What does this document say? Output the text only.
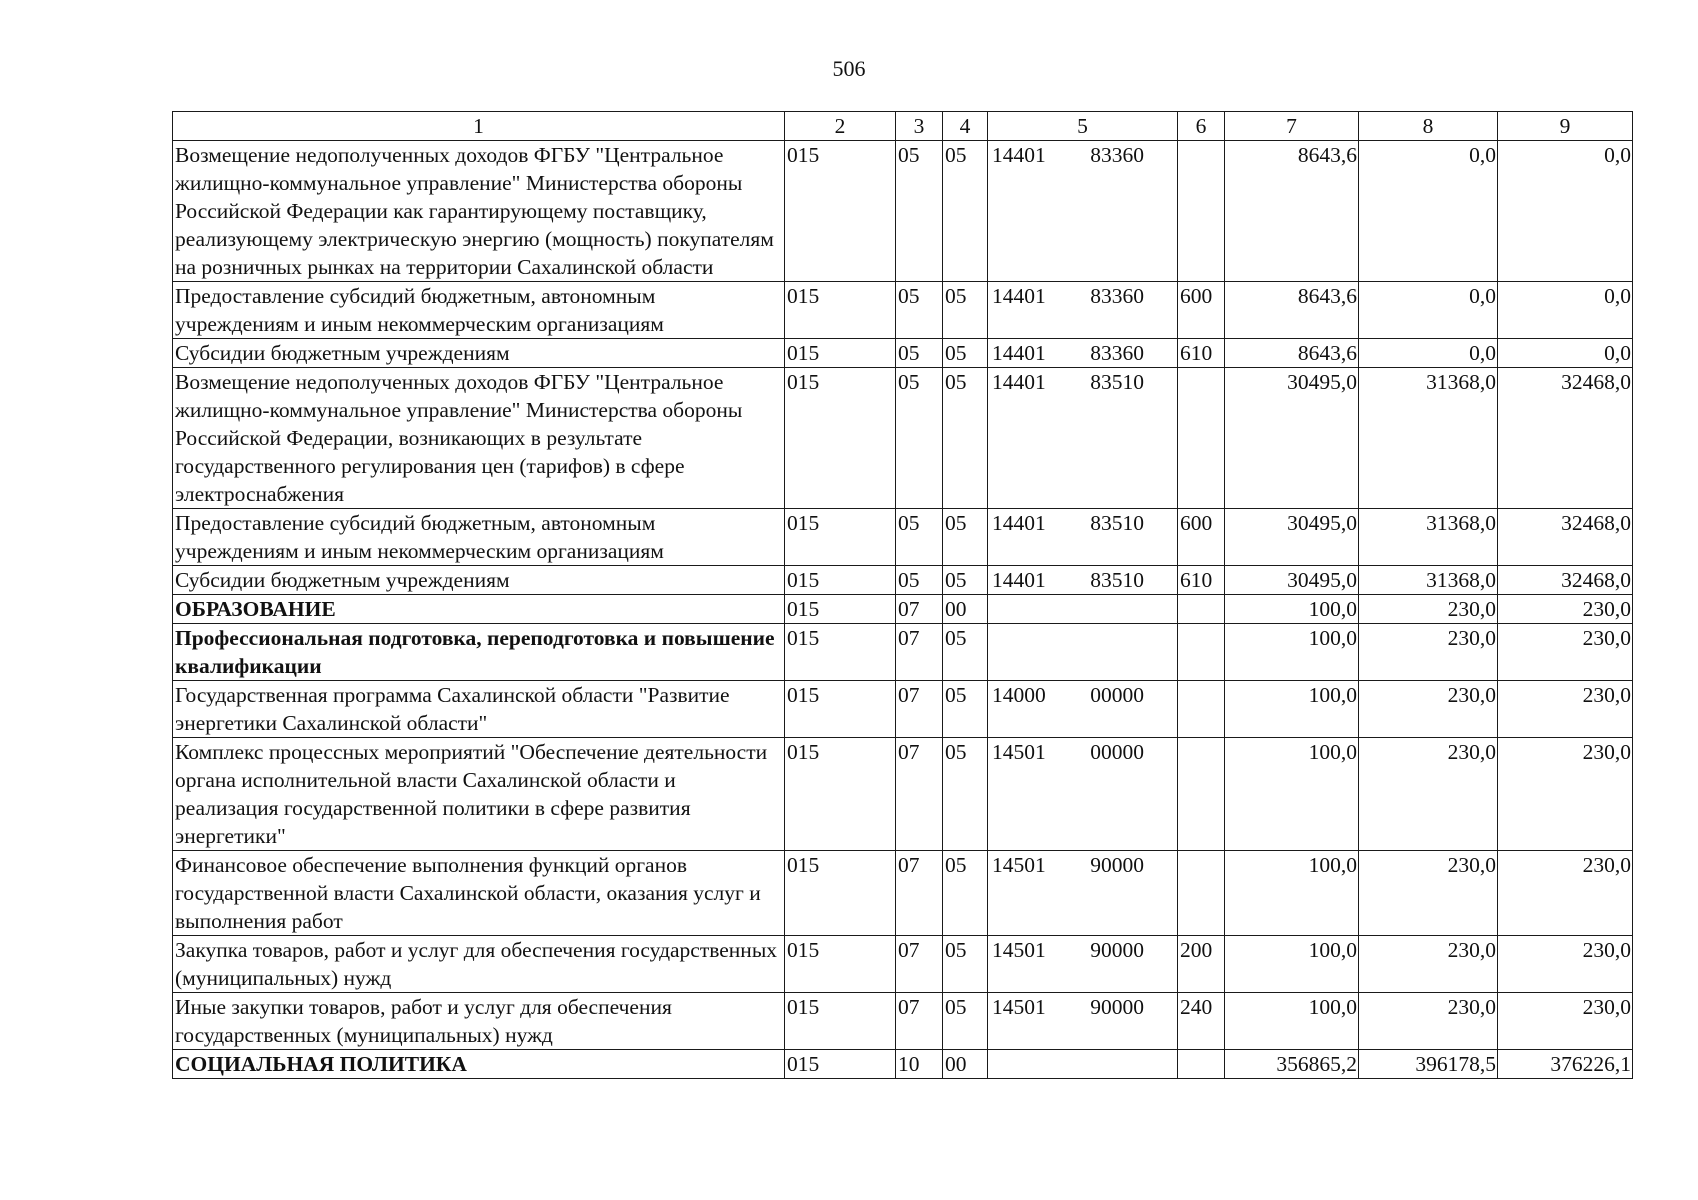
506
1	2	3	4	5	6	7	8	9
Возмещение недополученных доходов ФГБУ "Центральное жилищно-коммунальное управление" Министерства обороны Российской Федерации как гарантирующему поставщику, реализующему электрическую энергию (мощность) покупателям на розничных рынках на территории Сахалинской области	015	05	05	14401 83360		8643,6	0,0	0,0
Предоставление субсидий бюджетным, автономным учреждениям и иным некоммерческим организациям	015	05	05	14401 83360	600	8643,6	0,0	0,0
Субсидии бюджетным учреждениям	015	05	05	14401 83360	610	8643,6	0,0	0,0
Возмещение недополученных доходов ФГБУ "Центральное жилищно-коммунальное управление" Министерства обороны Российской Федерации, возникающих в результате государственного регулирования цен (тарифов) в сфере электроснабжения	015	05	05	14401 83510		30495,0	31368,0	32468,0
Предоставление субсидий бюджетным, автономным учреждениям и иным некоммерческим организациям	015	05	05	14401 83510	600	30495,0	31368,0	32468,0
Субсидии бюджетным учреждениям	015	05	05	14401 83510	610	30495,0	31368,0	32468,0
ОБРАЗОВАНИЕ	015	07	00			100,0	230,0	230,0
Профессиональная подготовка, переподготовка и повышение квалификации	015	07	05			100,0	230,0	230,0
Государственная программа Сахалинской области "Развитие энергетики Сахалинской области"	015	07	05	14000 00000		100,0	230,0	230,0
Комплекс процессных мероприятий "Обеспечение деятельности органа исполнительной власти Сахалинской области и реализация государственной политики в сфере развития энергетики"	015	07	05	14501 00000		100,0	230,0	230,0
Финансовое обеспечение выполнения функций органов государственной власти Сахалинской области, оказания услуг и выполнения работ	015	07	05	14501 90000		100,0	230,0	230,0
Закупка товаров, работ и услуг для обеспечения государственных (муниципальных) нужд	015	07	05	14501 90000	200	100,0	230,0	230,0
Иные закупки товаров, работ и услуг для обеспечения государственных (муниципальных) нужд	015	07	05	14501 90000	240	100,0	230,0	230,0
СОЦИАЛЬНАЯ ПОЛИТИКА	015	10	00			356865,2	396178,5	376226,1
